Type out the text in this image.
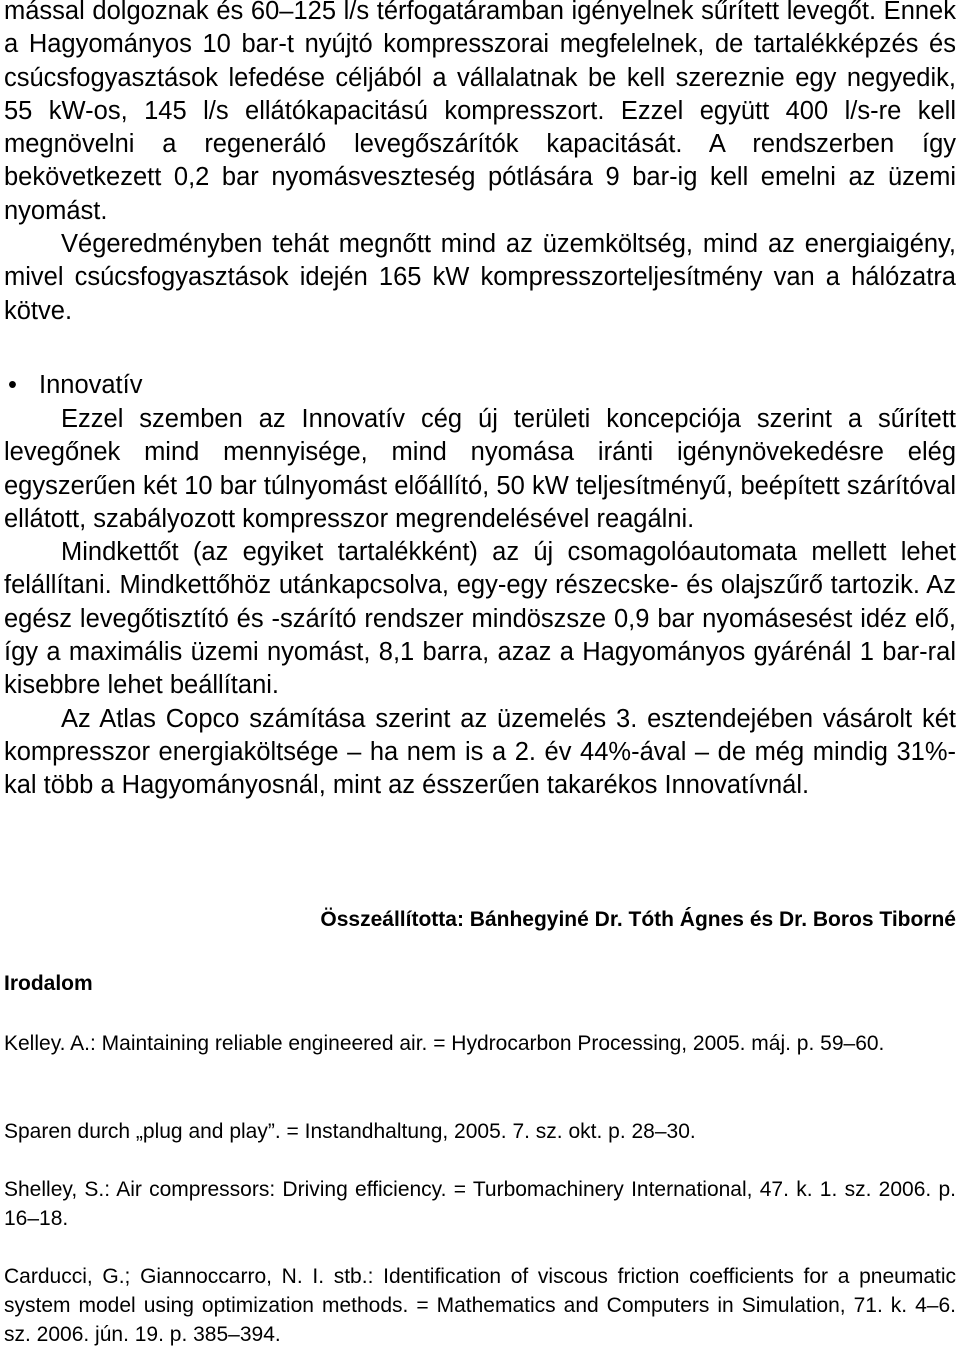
mással dolgoznak és 60–125 l/s térfogatáramban igényelnek sűrített levegőt. Ennek a Hagyományos 10 bar-t nyújtó kompresszorai megfelelnek, de tartalékképzés és csúcsfogyasztások lefedése céljából a vállalatnak be kell szereznie egy negyedik, 55 kW-os, 145 l/s ellátókapacitású kompresszort. Ezzel együtt 400 l/s-re kell megnövelni a regeneráló levegőszárítók kapacitását. A rendszerben így bekövetkezett 0,2 bar nyomásveszteség pótlására 9 bar-ig kell emelni az üzemi nyomást.

Végeredményben tehát megnőtt mind az üzemköltség, mind az energiaigény, mivel csúcsfogyasztások idején 165 kW kompresszorteljesítmény van a hálózatra kötve.

• Innovatív

Ezzel szemben az Innovatív cég új területi koncepciója szerint a sűrített levegőnek mind mennyisége, mind nyomása iránti igénynövekedésre elég egyszerűen két 10 bar túlnyomást előállító, 50 kW teljesítményű, beépített szárítóval ellátott, szabályozott kompresszor megrendelésével reagálni.

Mindkettőt (az egyiket tartalékként) az új csomagolóautomata mellett lehet felállítani. Mindkettőhöz utánkapcsolva, egy-egy részecske- és olajszűrő tartozik. Az egész levegőtisztító és -szárító rendszer mindöszsze 0,9 bar nyomásesést idéz elő, így a maximális üzemi nyomást, 8,1 barra, azaz a Hagyományos gyárénál 1 bar-ral kisebbre lehet beállítani.

Az Atlas Copco számítása szerint az üzemelés 3. esztendejében vásárolt két kompresszor energiaköltsége – ha nem is a 2. év 44%-ával – de még mindig 31%-kal több a Hagyományosnál, mint az ésszerűen takarékos Innovatívnál.

Összeállította: Bánhegyiné Dr. Tóth Ágnes és Dr. Boros Tiborné
Irodalom
Kelley. A.: Maintaining reliable engineered air. = Hydrocarbon Processing, 2005. máj. p. 59–60.
Sparen durch „plug and play”. = Instandhaltung, 2005. 7. sz. okt. p. 28–30.
Shelley, S.: Air compressors: Driving efficiency. = Turbomachinery International, 47. k. 1. sz. 2006. p. 16–18.
Carducci, G.; Giannoccarro, N. I. stb.: Identification of viscous friction coefficients for a pneumatic system model using optimization methods. = Mathematics and Computers in Simulation, 71. k. 4–6. sz. 2006. jún. 19. p. 385–394.
